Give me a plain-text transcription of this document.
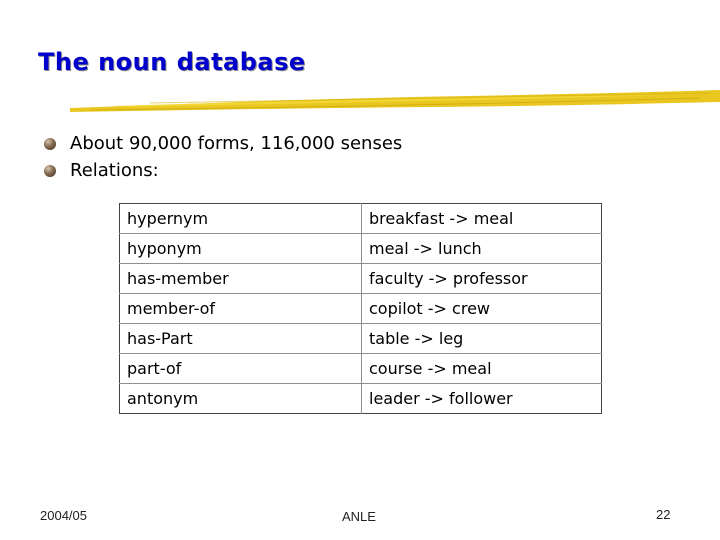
The noun database
About 90,000 forms, 116,000 senses
Relations:
hypernym	breakfast -> meal
hyponym	meal -> lunch
has-member	faculty -> professor
member-of	copilot -> crew
has-Part	table -> leg
part-of	course -> meal
antonym	leader -> follower
2004/05	ANLE	22
